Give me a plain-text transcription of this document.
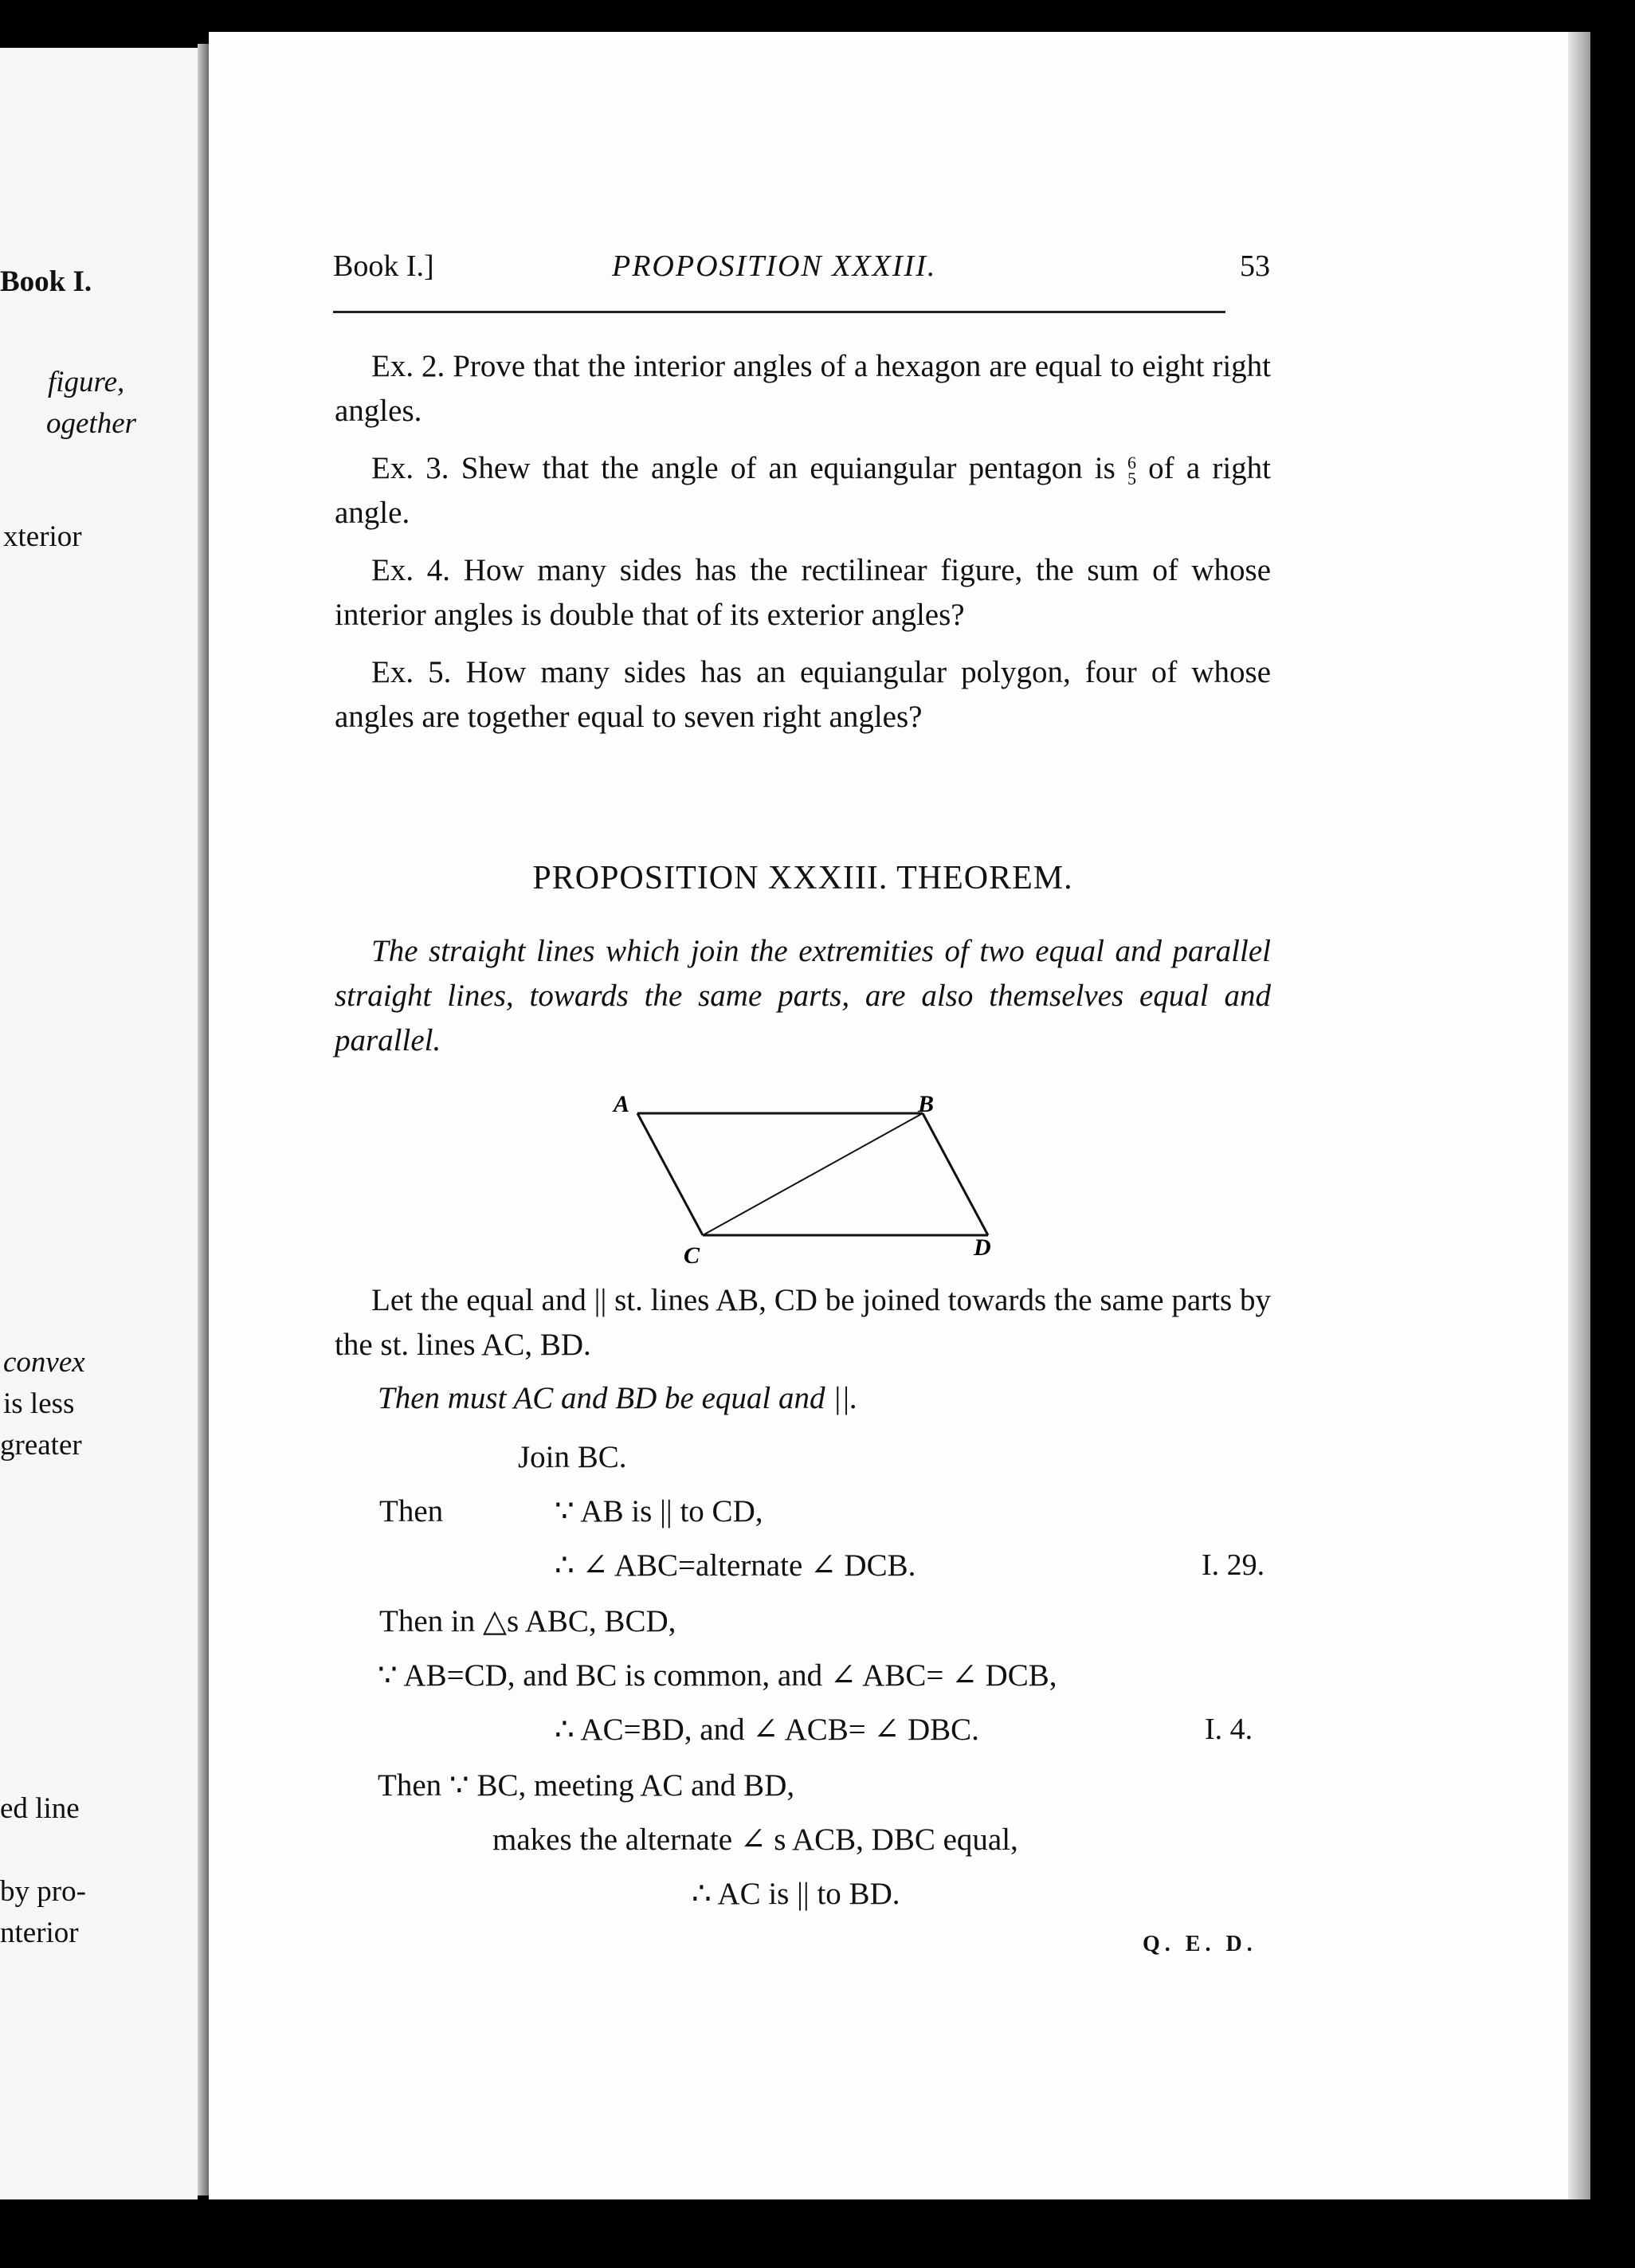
Book I.
figure,
ogether
xterior
convex
is less
greater
ed line
by pro-
nterior
Book I.]	PROPOSITION XXXIII.	53
Ex. 2. Prove that the interior angles of a hexagon are equal to eight right angles.
Ex. 3. Shew that the angle of an equiangular pentagon is 6
5 of a right angle.
Ex. 4. How many sides has the rectilinear figure, the sum of whose interior angles is double that of its exterior angles?
Ex. 5. How many sides has an equiangular polygon, four of whose angles are together equal to seven right angles?
PROPOSITION XXXIII. THEOREM.
The straight lines which join the extremities of two equal and parallel straight lines, towards the same parts, are also themselves equal and parallel.
A	B
C	D
Let the equal and || st. lines AB, CD be joined towards the same parts by the st. lines AC, BD.
Then must AC and BD be equal and ||.
Join BC.
Then	∵ AB is || to CD,
∴ ∠ ABC=alternate ∠ DCB.	I. 29.
Then in △s ABC, BCD,
∵ AB=CD, and BC is common, and ∠ ABC= ∠ DCB,
∴ AC=BD, and ∠ ACB= ∠ DBC.	I. 4.
Then ∵ BC, meeting AC and BD,
makes the alternate ∠ s ACB, DBC equal,
∴ AC is || to BD.
Q. E. D.
